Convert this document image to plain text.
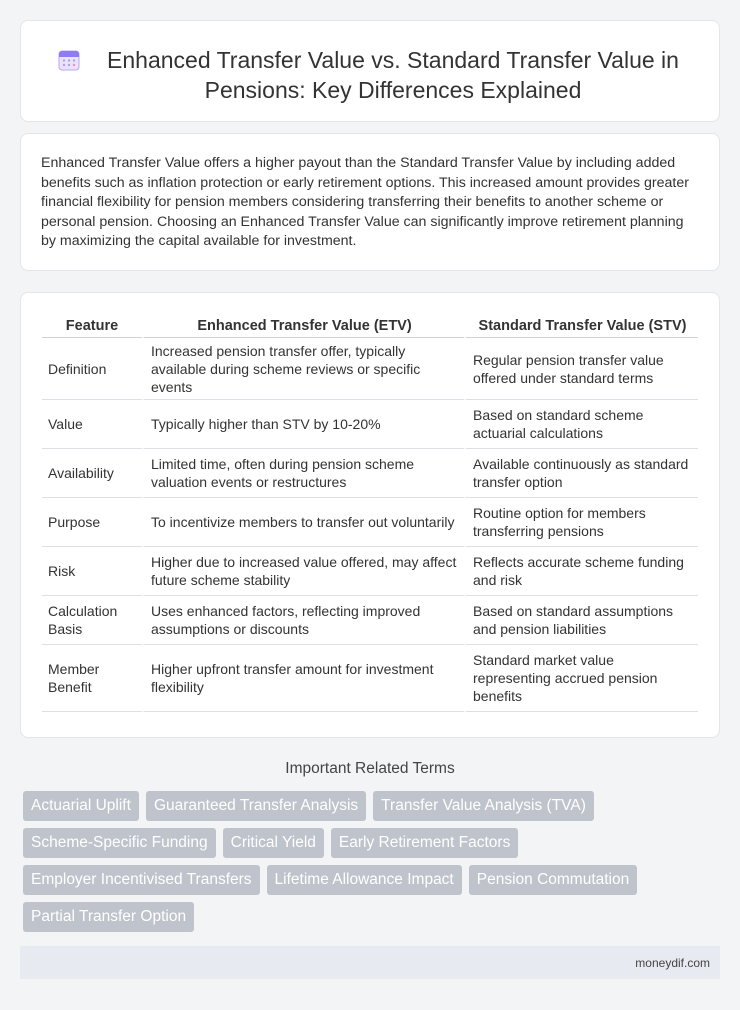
Enhanced Transfer Value vs. Standard Transfer Value in Pensions: Key Differences Explained

Enhanced Transfer Value offers a higher payout than the Standard Transfer Value by including added benefits such as inflation protection or early retirement options. This increased amount provides greater financial flexibility for pension members considering transferring their benefits to another scheme or personal pension. Choosing an Enhanced Transfer Value can significantly improve retirement planning by maximizing the capital available for investment.

Feature	Enhanced Transfer Value (ETV)	Standard Transfer Value (STV)
Definition	Increased pension transfer offer, typically available during scheme reviews or specific events	Regular pension transfer value offered under standard terms
Value	Typically higher than STV by 10-20%	Based on standard scheme actuarial calculations
Availability	Limited time, often during pension scheme valuation events or restructures	Available continuously as standard transfer option
Purpose	To incentivize members to transfer out voluntarily	Routine option for members transferring pensions
Risk	Higher due to increased value offered, may affect future scheme stability	Reflects accurate scheme funding and risk
Calculation Basis	Uses enhanced factors, reflecting improved assumptions or discounts	Based on standard assumptions and pension liabilities
Member Benefit	Higher upfront transfer amount for investment flexibility	Standard market value representing accrued pension benefits
Important Related Terms
Actuarial Uplift	Guaranteed Transfer Analysis	Transfer Value Analysis (TVA)
Scheme-Specific Funding	Critical Yield	Early Retirement Factors
Employer Incentivised Transfers	Lifetime Allowance Impact	Pension Commutation
Partial Transfer Option
moneydif.com
